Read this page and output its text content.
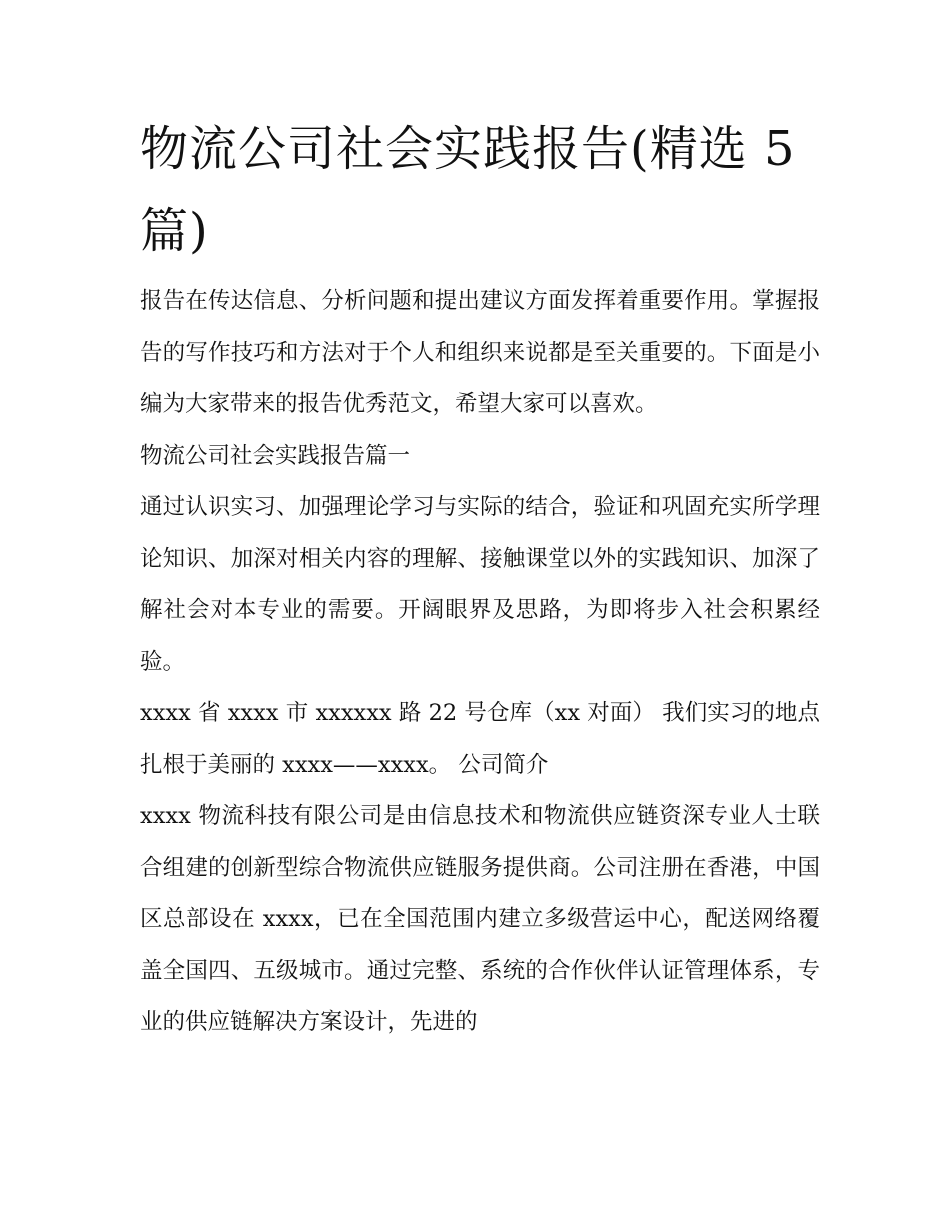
物流公司社会实践报告(精选 5 篇)

报告在传达信息、分析问题和提出建议方面发挥着重要作用。掌握报告的写作技巧和方法对于个人和组织来说都是至关重要的。下面是小编为大家带来的报告优秀范文，希望大家可以喜欢。

物流公司社会实践报告篇一

通过认识实习、加强理论学习与实际的结合，验证和巩固充实所学理论知识、加深对相关内容的理解、接触课堂以外的实践知识、加深了解社会对本专业的需要。开阔眼界及思路，为即将步入社会积累经验。

xxxx 省 xxxx 市 xxxxxx 路 22 号仓库（xx 对面） 我们实习的地点扎根于美丽的 xxxx——xxxx。 公司简介

xxxx 物流科技有限公司是由信息技术和物流供应链资深专业人士联合组建的创新型综合物流供应链服务提供商。公司注册在香港，中国区总部设在 xxxx，已在全国范围内建立多级营运中心，配送网络覆盖全国四、五级城市。通过完整、系统的合作伙伴认证管理体系，专业的供应链解决方案设计，先进的
